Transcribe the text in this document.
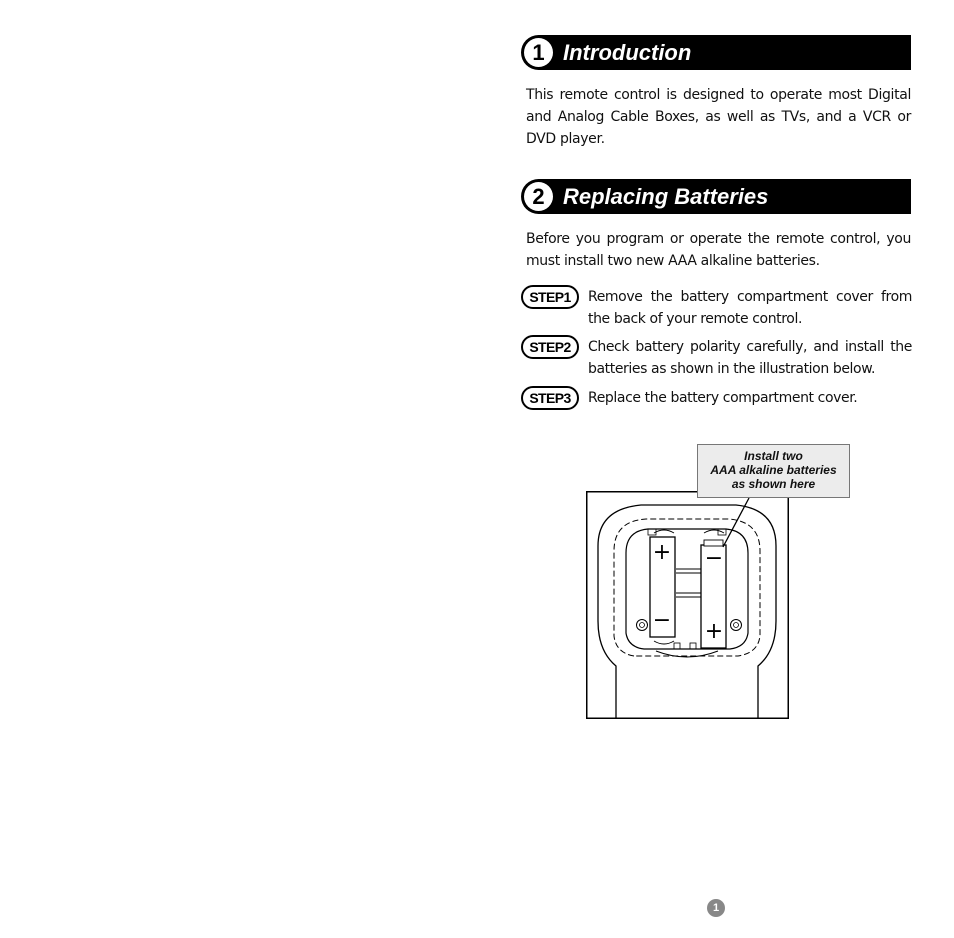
1 Introduction

This remote control is designed to operate most Digital and Analog Cable Boxes, as well as TVs, and a VCR or DVD player.

2 Replacing Batteries

Before you program or operate the remote control, you must install two new AAA alkaline batteries.

STEP1	Remove the battery compartment cover from the back of your remote control.

STEP2	Check battery polarity carefully, and install the batteries as shown in the illustration below.

STEP3	Replace the battery compartment cover.

+
−
−
+
Install two
AAA alkaline batteries
as shown here
1
